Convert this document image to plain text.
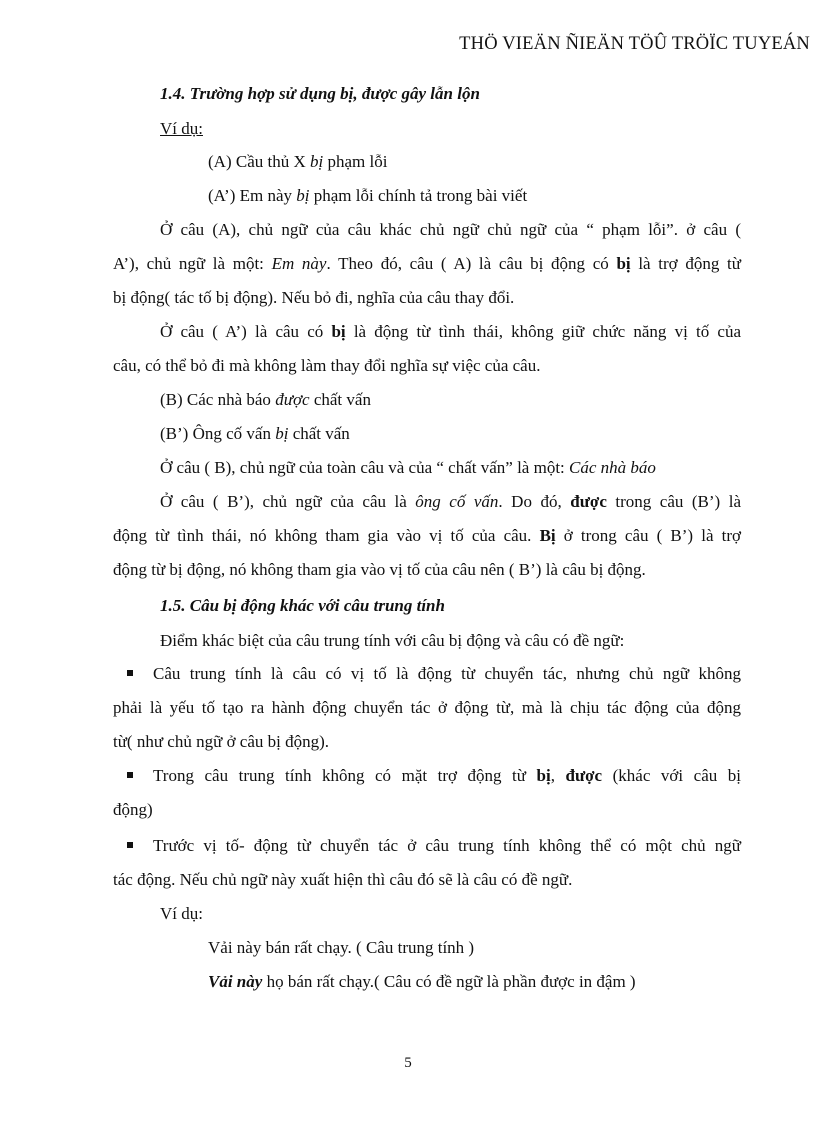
THÖ VIEÄN ÑIEÄN TÖÛ TRÖÏC TUYEÁN
1.4. Trường hợp sử dụng bị, được gây lẫn lộn
Ví dụ:
(A) Cầu thủ X bị phạm lỗi
(A’) Em này bị phạm lỗi chính tả trong bài viết
Ở câu (A), chủ ngữ của câu khác chủ ngữ chủ ngữ của “ phạm lỗi”. ở câu (
A’), chủ ngữ là một: Em này. Theo đó, câu ( A) là câu bị động có bị là trợ động từ
bị động( tác tố bị động). Nếu bỏ đi, nghĩa của câu thay đổi.
Ở câu ( A’) là câu có bị là động từ tình thái, không giữ chức năng vị tố của
câu, có thể bỏ đi mà không làm thay đổi nghĩa sự việc của câu.
(B) Các nhà báo được chất vấn
(B’) Ông cố vấn bị chất vấn
Ở câu ( B), chủ ngữ của toàn câu và của “ chất vấn” là một: Các nhà báo
Ở câu ( B’), chủ ngữ của câu là ông cố vấn. Do đó, được trong câu (B’) là
động từ tình thái, nó không tham gia vào vị tố của câu. Bị ở trong câu ( B’) là trợ
động từ bị động, nó không tham gia vào vị tố của câu nên ( B’) là câu bị động.
1.5. Câu bị động khác với câu trung tính
Điểm khác biệt của câu trung tính với câu bị động và câu có đề ngữ:
Câu trung tính là câu có vị tố là động từ chuyển tác, nhưng chủ ngữ không
phải là yếu tố tạo ra hành động chuyển tác ở động từ, mà là chịu tác động của động
từ( như chủ ngữ ở câu bị động).
Trong câu trung tính không có mặt trợ động từ bị, được (khác với câu bị
động)
Trước vị tố- động từ chuyển tác ở câu trung tính không thể có một chủ ngữ
tác động. Nếu chủ ngữ này xuất hiện thì câu đó sẽ là câu có đề ngữ.
Ví dụ:
Vải này bán rất chạy. ( Câu trung tính )
Vải này họ bán rất chạy.( Câu có đề ngữ là phần được in đậm )
5
